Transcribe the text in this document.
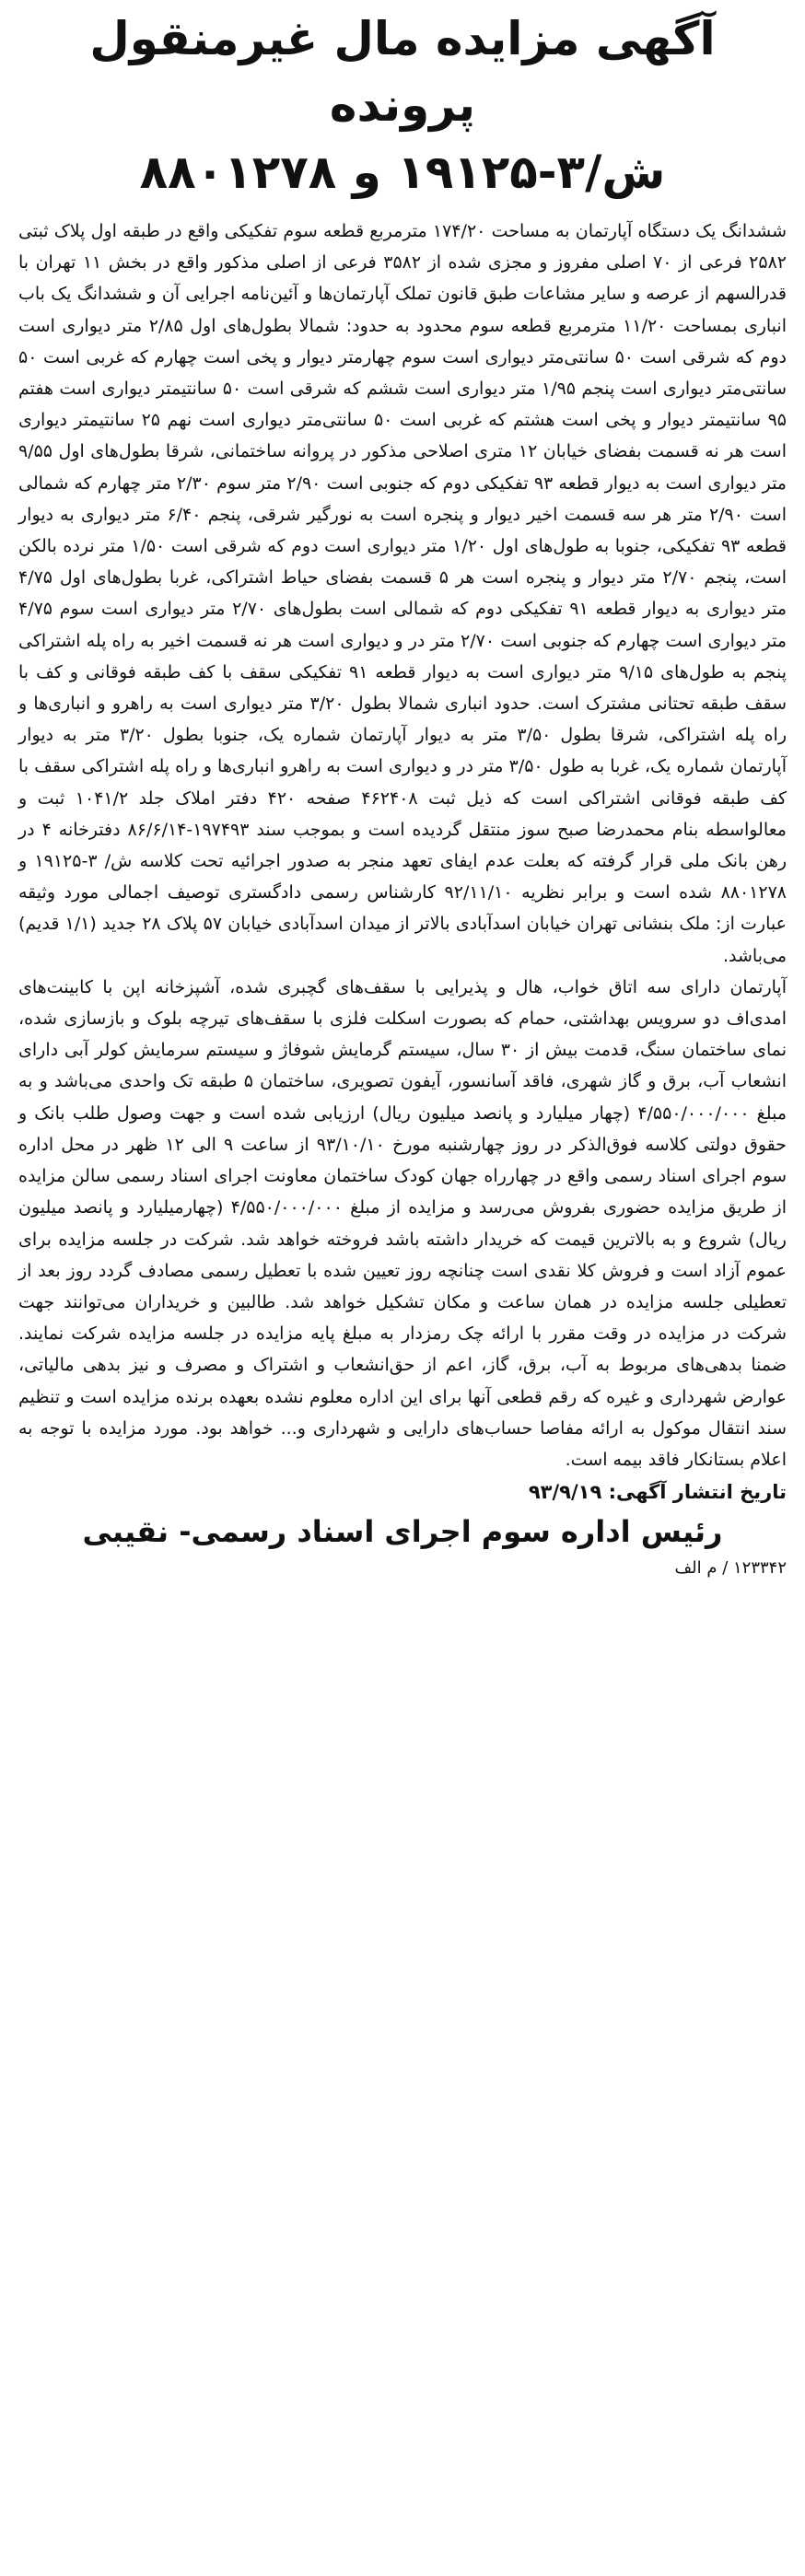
آگهی مزایده مال غیرمنقول پرونده
ش/۳-۱۹۱۲۵ و ۸۸۰۱۲۷۸

ششدانگ یک دستگاه آپارتمان به مساحت ۱۷۴/۲۰ مترمربع قطعه سوم تفکیکی واقع در طبقه اول پلاک ثبتی ۲۵۸۲ فرعی از ۷۰ اصلی مفروز و مجزی شده از ۳۵۸۲ فرعی از اصلی مذکور واقع در بخش ۱۱ تهران با قدرالسهم از عرصه و سایر مشاعات طبق قانون تملک آپارتمان‌ها و آئین‌نامه اجرایی آن و ششدانگ یک باب انباری بمساحت ۱۱/۲۰ مترمربع قطعه سوم محدود به حدود: شمالا بطول‌های اول ۲/۸۵ متر دیواری است دوم که شرقی است ۵۰ سانتی‌متر دیواری است سوم چهارمتر دیوار و پخی است چهارم که غربی است ۵۰ سانتی‌متر دیواری است پنجم ۱/۹۵ متر دیواری است ششم که شرقی است ۵۰ سانتیمتر دیواری است هفتم ۹۵ سانتیمتر دیوار و پخی است هشتم که غربی است ۵۰ سانتی‌متر دیواری است نهم ۲۵ سانتیمتر دیواری است هر نه قسمت بفضای خیابان ۱۲ متری اصلاحی مذکور در پروانه ساختمانی، شرقا بطول‌های اول ۹/۵۵ متر دیواری است به دیوار قطعه ۹۳ تفکیکی دوم که جنوبی است ۲/۹۰ متر سوم ۲/۳۰ متر چهارم که شمالی است ۲/۹۰ متر هر سه قسمت اخیر دیوار و پنجره است به نورگیر شرقی، پنجم ۶/۴۰ متر دیواری به دیوار قطعه ۹۳ تفکیکی، جنوبا به طول‌های اول ۱/۲۰ متر دیواری است دوم که شرقی است ۱/۵۰ متر نرده بالکن است، پنجم ۲/۷۰ متر دیوار و پنجره است هر ۵ قسمت بفضای حیاط اشتراکی، غربا بطول‌های اول ۴/۷۵ متر دیواری به دیوار قطعه ۹۱ تفکیکی دوم که شمالی است بطول‌های ۲/۷۰ متر دیواری است سوم ۴/۷۵ متر دیواری است چهارم که جنوبی است ۲/۷۰ متر در و دیواری است هر نه قسمت اخیر به راه پله اشتراکی پنجم به طول‌های ۹/۱۵ متر دیواری است به دیوار قطعه ۹۱ تفکیکی سقف با کف طبقه فوقانی و کف با سقف طبقه تحتانی مشترک است. حدود انباری شمالا بطول ۳/۲۰ متر دیواری است به راهرو و انباری‌ها و راه پله اشتراکی، شرقا بطول ۳/۵۰ متر به دیوار آپارتمان شماره یک، جنوبا بطول ۳/۲۰ متر به دیوار آپارتمان شماره یک، غربا به طول ۳/۵۰ متر در و دیواری است به راهرو انباری‌ها و راه پله اشتراکی سقف با کف طبقه فوقانی اشتراکی است که ذیل ثبت ۴۶۲۴۰۸ صفحه ۴۲۰ دفتر املاک جلد ۱۰۴۱/۲ ثبت و معالواسطه بنام محمدرضا صبح سوز منتقل گردیده است و بموجب سند ۱۹۷۴۹۳-۸۶/۶/۱۴ دفترخانه ۴ در رهن بانک ملی قرار گرفته که بعلت عدم ایفای تعهد منجر به صدور اجرائیه تحت کلاسه ش/ ۳-۱۹۱۲۵ و ۸۸۰۱۲۷۸ شده است و برابر نظریه ۹۲/۱۱/۱۰ کارشناس رسمی دادگستری توصیف اجمالی مورد وثیقه عبارت از: ملک بنشانی تهران خیابان اسدآبادی بالاتر از میدان اسدآبادی خیابان ۵۷ پلاک ۲۸ جدید (۱/۱ قدیم) می‌باشد.

آپارتمان دارای سه اتاق خواب، هال و پذیرایی با سقف‌های گچبری شده، آشپزخانه اپن با کابینت‌های امدی‌اف دو سرویس بهداشتی، حمام که بصورت اسکلت فلزی با سقف‌های تیرچه بلوک و بازسازی شده، نمای ساختمان سنگ، قدمت بیش از ۳۰ سال، سیستم گرمایش شوفاژ و سیستم سرمایش کولر آبی دارای انشعاب آب، برق و گاز شهری، فاقد آسانسور، آیفون تصویری، ساختمان ۵ طبقه تک واحدی می‌باشد و به مبلغ ۴/۵۵۰/۰۰۰/۰۰۰ (چهار میلیارد و پانصد میلیون ریال) ارزیابی شده است و جهت وصول طلب بانک و حقوق دولتی کلاسه فوق‌الذکر در روز چهارشنبه مورخ ۹۳/۱۰/۱۰ از ساعت ۹ الی ۱۲ ظهر در محل اداره سوم اجرای اسناد رسمی واقع در چهارراه جهان کودک ساختمان معاونت اجرای اسناد رسمی سالن مزایده از طریق مزایده حضوری بفروش می‌رسد و مزایده از مبلغ ۴/۵۵۰/۰۰۰/۰۰۰ (چهارمیلیارد و پانصد میلیون ریال) شروع و به بالاترین قیمت که خریدار داشته باشد فروخته خواهد شد. شرکت در جلسه مزایده برای عموم آزاد است و فروش کلا نقدی است چنانچه روز تعیین شده با تعطیل رسمی مصادف گردد روز بعد از تعطیلی جلسه مزایده در همان ساعت و مکان تشکیل خواهد شد. طالبین و خریداران می‌توانند جهت شرکت در مزایده در وقت مقرر با ارائه چک رمزدار به مبلغ پایه مزایده در جلسه مزایده شرکت نمایند. ضمنا بدهی‌های مربوط به آب، برق، گاز، اعم از حق‌انشعاب و اشتراک و مصرف و نیز بدهی مالیاتی، عوارض شهرداری و غیره که رقم قطعی آنها برای این اداره معلوم نشده بعهده برنده مزایده است و تنظیم سند انتقال موکول به ارائه مفاصا حساب‌های دارایی و شهرداری و... خواهد بود. مورد مزایده با توجه به اعلام بستانکار فاقد بیمه است.

تاریخ انتشار آگهی: ۹۳/۹/۱۹

رئیس اداره سوم اجرای اسناد رسمی- نقیبی

۱۲۳۳۴۲ / م الف
